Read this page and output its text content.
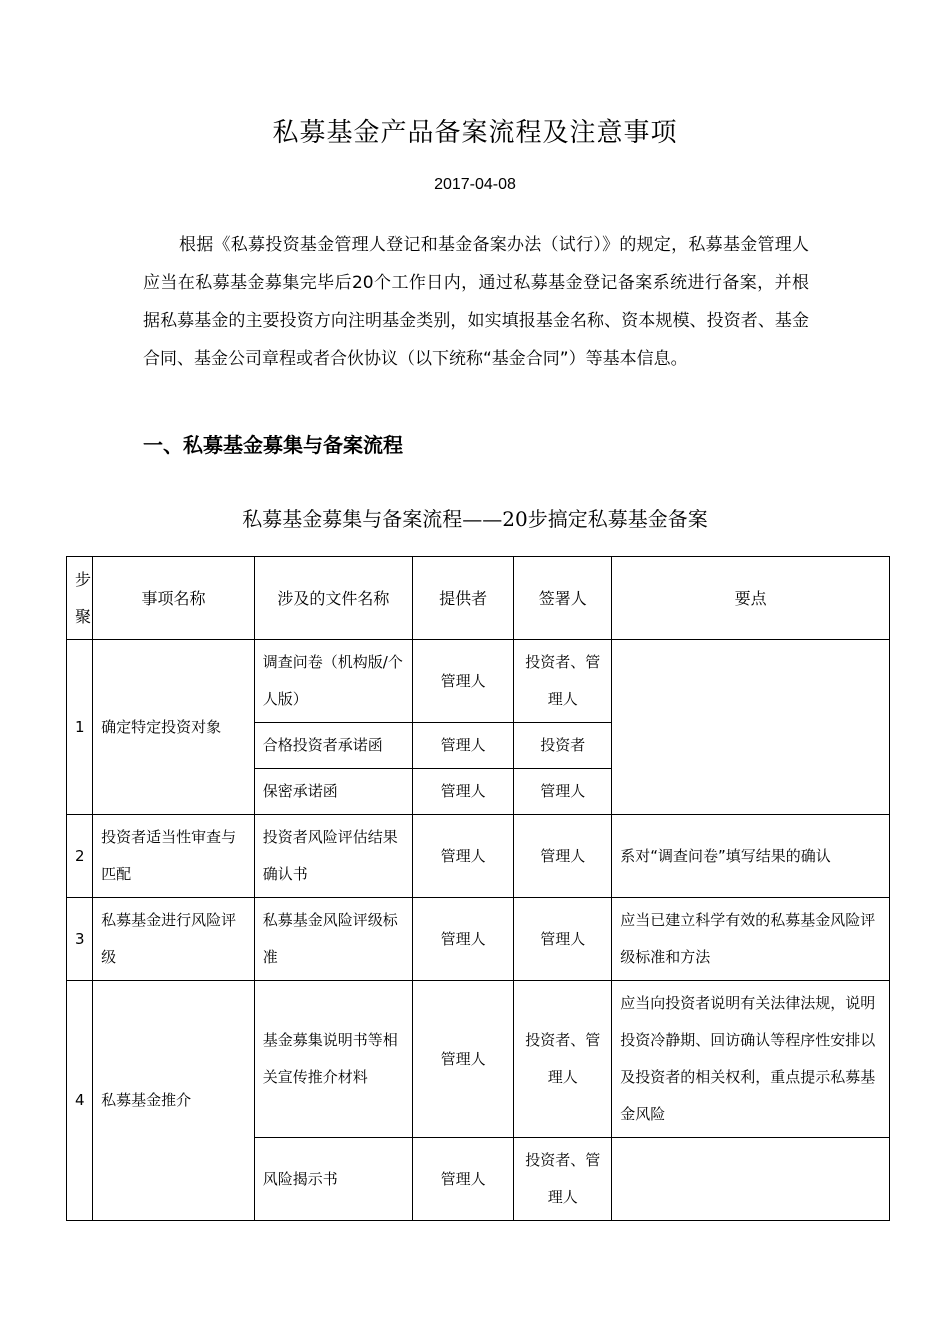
私募基金产品备案流程及注意事项
2017-04-08

根据《私募投资基金管理人登记和基金备案办法（试行）》的规定，私募基金管理人应当在私募基金募集完毕后20个工作日内，通过私募基金登记备案系统进行备案，并根据私募基金的主要投资方向注明基金类别，如实填报基金名称、资本规模、投资者、基金合同、基金公司章程或者合伙协议（以下统称“基金合同”）等基本信息。

一、私募基金募集与备案流程
私募基金募集与备案流程——20步搞定私募基金备案
步聚	事项名称	涉及的文件名称	提供者	签署人	要点
1	确定特定投资对象	调查问卷（机构版/个人版）	管理人	投资者、管理人	
		合格投资者承诺函	管理人	投资者	
		保密承诺函	管理人	管理人	
2	投资者适当性审查与匹配	投资者风险评估结果确认书	管理人	管理人	系对“调查问卷”填写结果的确认
3	私募基金进行风险评级	私募基金风险评级标准	管理人	管理人	应当已建立科学有效的私募基金风险评级标准和方法
4	私募基金推介	基金募集说明书等相关宣传推介材料	管理人	投资者、管理人	应当向投资者说明有关法律法规，说明投资冷静期、回访确认等程序性安排以及投资者的相关权利，重点提示私募基金风险
		风险揭示书	管理人	投资者、管理人	
